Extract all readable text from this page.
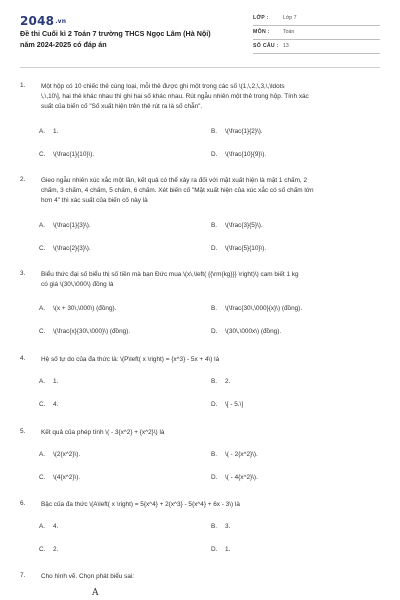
2048.vn
Đề thi Cuối kì 2 Toán 7 trường THCS Ngọc Lâm (Hà Nội)
năm 2024-2025 có đáp án
LỚP :	Lớp 7
MÔN :	Toán
SỐ CÂU : 13
1. Một hộp có 10 chiếc thẻ cùng loại, mỗi thẻ được ghi một trong các số \(1,\,2,\,3,\,\ldots
\,\,10\], hai thẻ khác nhau thì ghi hai số khác nhau. Rút ngẫu nhiên một thẻ trong hộp. Tính xác
suất của biến cố "Số xuất hiện trên thẻ rút ra là số chẵn".
A. 1.	B. \(\frac{1}{2}\).
C. \(\frac{1}{10}\).	D. \(\frac{10}{9}\).
2. Gieo ngẫu nhiên xúc xắc một lần, kết quả có thể xảy ra đối với mặt xuất hiện là mặt 1 chấm, 2
chấm, 3 chấm, 4 chấm, 5 chấm, 6 chấm. Xét biến cố "Mặt xuất hiện của xúc xắc có số chấm lớn
hơn 4" thì xác suất của biến cố này là
A. \(\frac{1}{3}\).	B. \(\frac{3}{5}\).
C. \(\frac{2}{3}\).	D. \(\frac{5}{10}\).
3. Biểu thức đại số biểu thị số tiền mà bạn Đức mua \(x\,\left( {{\rm{kg}}} \right)\) cam biết 1 kg
có giá \(30\,\000\) đồng là
A. \(x + 30\,\000\) (đồng).	B. \(\frac{30\,\000}{x}\) (đồng).
C. \(\frac{x}{30\,\000}\) (đồng).	D. \(30\,\000x\) (đồng).
4. Hệ số tự do của đa thức là: \(P\left( x \right) = {x^3} - 5x + 4\) là
A. 1.	B. 2.
C. 4.	D. \[ - 5.\]
5. Kết quả của phép tính \( - 3{x^2} + {x^2}\) là
A. \(2{x^2}\).	B. \( - 2{x^2}\).
C. \(4{x^2}\).	D. \( - 4{x^2}\).
6. Bậc của đa thức \(A\left( x \right) = 5{x^4} + 2{x^3} - 5{x^4} + 6x - 3\) là
A. 4.	B. 3.
C. 2.	D. 1.
7. Cho hình vẽ. Chọn phát biểu sai:
A
